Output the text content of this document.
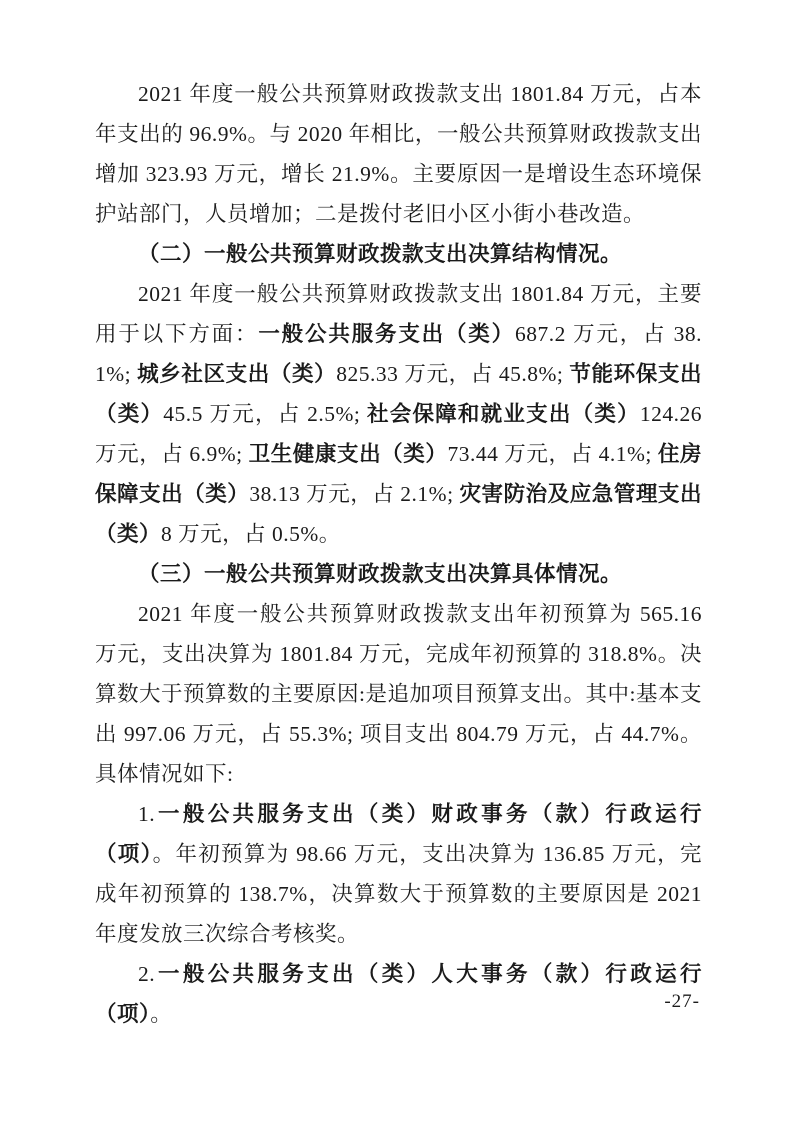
2021 年度一般公共预算财政拨款支出 1801.84 万元，占本年支出的 96.9%。与 2020 年相比，一般公共预算财政拨款支出增加 323.93 万元，增长 21.9%。主要原因一是增设生态环境保护站部门，人员增加；二是拨付老旧小区小街小巷改造。

（二）一般公共预算财政拨款支出决算结构情况。

2021 年度一般公共预算财政拨款支出 1801.84 万元，主要用于以下方面：一般公共服务支出（类）687.2 万元，占 38.1%; 城乡社区支出（类）825.33 万元，占 45.8%; 节能环保支出（类）45.5 万元，占 2.5%; 社会保障和就业支出（类）124.26 万元，占 6.9%; 卫生健康支出（类）73.44 万元，占 4.1%; 住房保障支出（类）38.13 万元，占 2.1%; 灾害防治及应急管理支出（类）8 万元，占 0.5%。

（三）一般公共预算财政拨款支出决算具体情况。

2021 年度一般公共预算财政拨款支出年初预算为 565.16 万元，支出决算为 1801.84 万元，完成年初预算的 318.8%。决算数大于预算数的主要原因:是追加项目预算支出。其中:基本支出 997.06 万元，占 55.3%; 项目支出 804.79 万元，占 44.7%。具体情况如下:

1.一般公共服务支出（类）财政事务（款）行政运行（项）。年初预算为 98.66 万元，支出决算为 136.85 万元，完成年初预算的 138.7%，决算数大于预算数的主要原因是 2021 年度发放三次综合考核奖。

2.一般公共服务支出（类）人大事务（款）行政运行（项）。

-27-
